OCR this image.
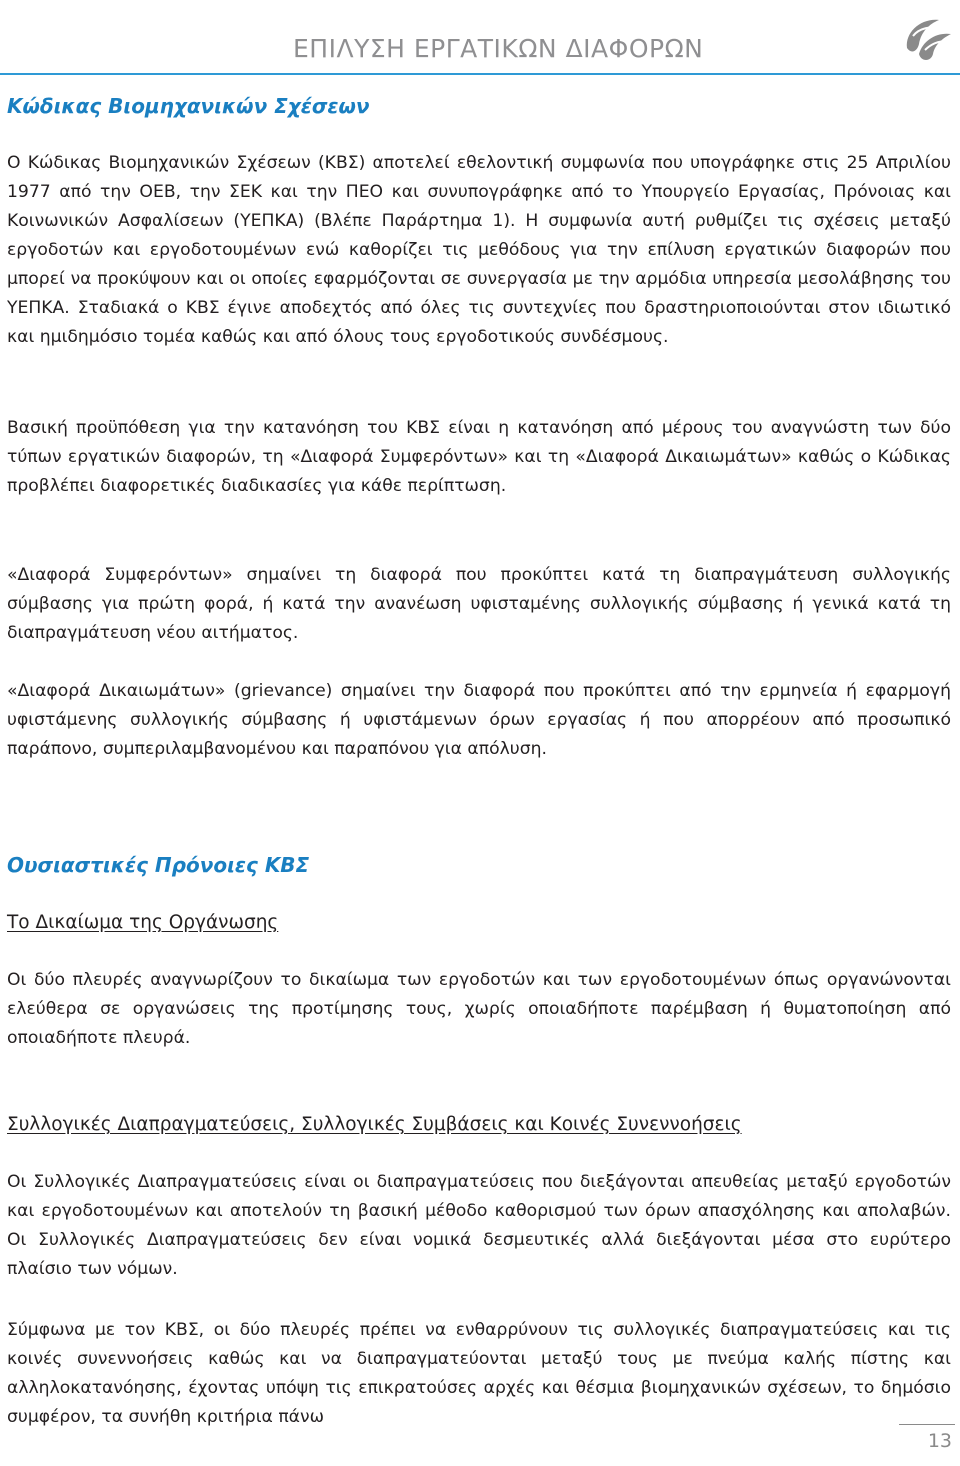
ΕΠΙΛΥΣΗ ΕΡΓΑΤΙΚΩΝ ΔΙΑΦΟΡΩΝ
Κώδικας Βιομηχανικών Σχέσεων

Ο Κώδικας Βιομηχανικών Σχέσεων (ΚΒΣ) αποτελεί εθελοντική συμφωνία που υπογράφηκε στις 25 Απριλίου 1977 από την ΟΕΒ, την ΣΕΚ και την ΠΕΟ και συνυπογράφηκε από το Υπουργείο Εργασίας, Πρόνοιας και Κοινωνικών Ασφαλίσεων (ΥΕΠΚΑ) (Βλέπε Παράρτημα 1). Η συμφωνία αυτή ρυθμίζει τις σχέσεις μεταξύ εργοδοτών και εργοδοτουμένων ενώ καθορίζει τις μεθόδους για την επίλυση εργατικών διαφορών που μπορεί να προκύψουν και οι οποίες εφαρμόζονται σε συνεργασία με την αρμόδια υπηρεσία μεσολάβησης του ΥΕΠΚΑ. Σταδιακά ο ΚΒΣ έγινε αποδεχτός από όλες τις συντεχνίες που δραστηριοποιούνται στον ιδιωτικό και ημιδημόσιο τομέα καθώς και από όλους τους εργοδοτικούς συνδέσμους.

Βασική προϋπόθεση για την κατανόηση του ΚΒΣ είναι η κατανόηση από μέρους του αναγνώστη των δύο τύπων εργατικών διαφορών, τη «Διαφορά Συμφερόντων» και τη «Διαφορά Δικαιωμάτων» καθώς ο Κώδικας προβλέπει διαφορετικές διαδικασίες για κάθε περίπτωση.

«Διαφορά Συμφερόντων» σημαίνει τη διαφορά που προκύπτει κατά τη διαπραγμάτευση συλλογικής σύμβασης για πρώτη φορά, ή κατά την ανανέωση υφισταμένης συλλογικής σύμβασης ή γενικά κατά τη διαπραγμάτευση νέου αιτήματος.

«Διαφορά Δικαιωμάτων» (grievance) σημαίνει την διαφορά που προκύπτει από την ερμηνεία ή εφαρμογή υφιστάμενης συλλογικής σύμβασης ή υφιστάμενων όρων εργασίας ή που απορρέουν από προσωπικό παράπονο, συμπεριλαμβανομένου και παραπόνου για απόλυση.

Ουσιαστικές Πρόνοιες ΚΒΣ
Το Δικαίωμα της Οργάνωσης

Οι δύο πλευρές αναγνωρίζουν το δικαίωμα των εργοδοτών και των εργοδοτουμένων όπως οργανώνονται ελεύθερα σε οργανώσεις της προτίμησης τους, χωρίς οποιαδήποτε παρέμβαση ή θυματοποίηση από οποιαδήποτε πλευρά.

Συλλογικές Διαπραγματεύσεις, Συλλογικές Συμβάσεις και Κοινές Συνεννοήσεις

Οι Συλλογικές Διαπραγματεύσεις είναι οι διαπραγματεύσεις που διεξάγονται απευθείας μεταξύ εργοδοτών και εργοδοτουμένων και αποτελούν τη βασική μέθοδο καθορισμού των όρων απασχόλησης και απολαβών. Οι Συλλογικές Διαπραγματεύσεις δεν είναι νομικά δεσμευτικές αλλά διεξάγονται μέσα στο ευρύτερο πλαίσιο των νόμων.

Σύμφωνα με τον ΚΒΣ, οι δύο πλευρές πρέπει να ενθαρρύνουν τις συλλογικές διαπραγματεύσεις και τις κοινές συνεννοήσεις καθώς και να διαπραγματεύονται μεταξύ τους με πνεύμα καλής πίστης και αλληλοκατανόησης, έχοντας υπόψη τις επικρατούσες αρχές και θέσμια βιομηχανικών σχέσεων, το δημόσιο συμφέρον, τα συνήθη κριτήρια πάνω

13
